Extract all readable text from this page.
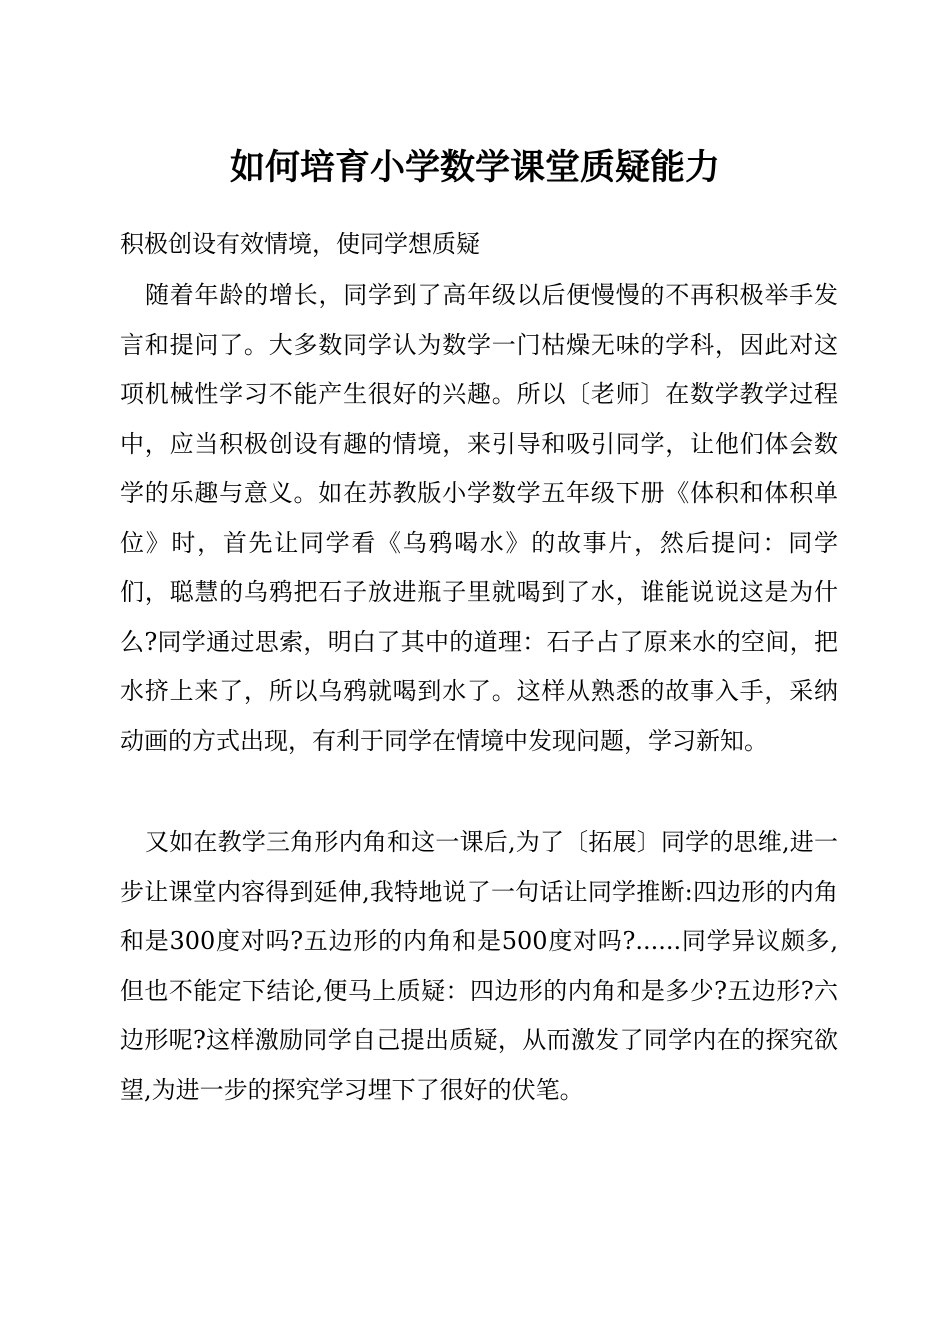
如何培育小学数学课堂质疑能力

积极创设有效情境，使同学想质疑

随着年龄的增长，同学到了高年级以后便慢慢的不再积极举手发言和提问了。大多数同学认为数学一门枯燥无味的学科，因此对这项机械性学习不能产生很好的兴趣。所以〔老师〕在数学教学过程中，应当积极创设有趣的情境，来引导和吸引同学，让他们体会数学的乐趣与意义。如在苏教版小学数学五年级下册《体积和体积单位》时，首先让同学看《乌鸦喝水》的故事片，然后提问：同学们，聪慧的乌鸦把石子放进瓶子里就喝到了水，谁能说说这是为什么?同学通过思索，明白了其中的道理：石子占了原来水的空间，把水挤上来了，所以乌鸦就喝到水了。这样从熟悉的故事入手，采纳动画的方式出现，有利于同学在情境中发现问题，学习新知。

又如在教学三角形内角和这一课后,为了〔拓展〕同学的思维,进一步让课堂内容得到延伸,我特地说了一句话让同学推断:四边形的内角和是300度对吗?五边形的内角和是500度对吗?......同学异议颇多,但也不能定下结论,便马上质疑：四边形的内角和是多少?五边形?六边形呢?这样激励同学自己提出质疑，从而激发了同学内在的探究欲望,为进一步的探究学习埋下了很好的伏笔。
